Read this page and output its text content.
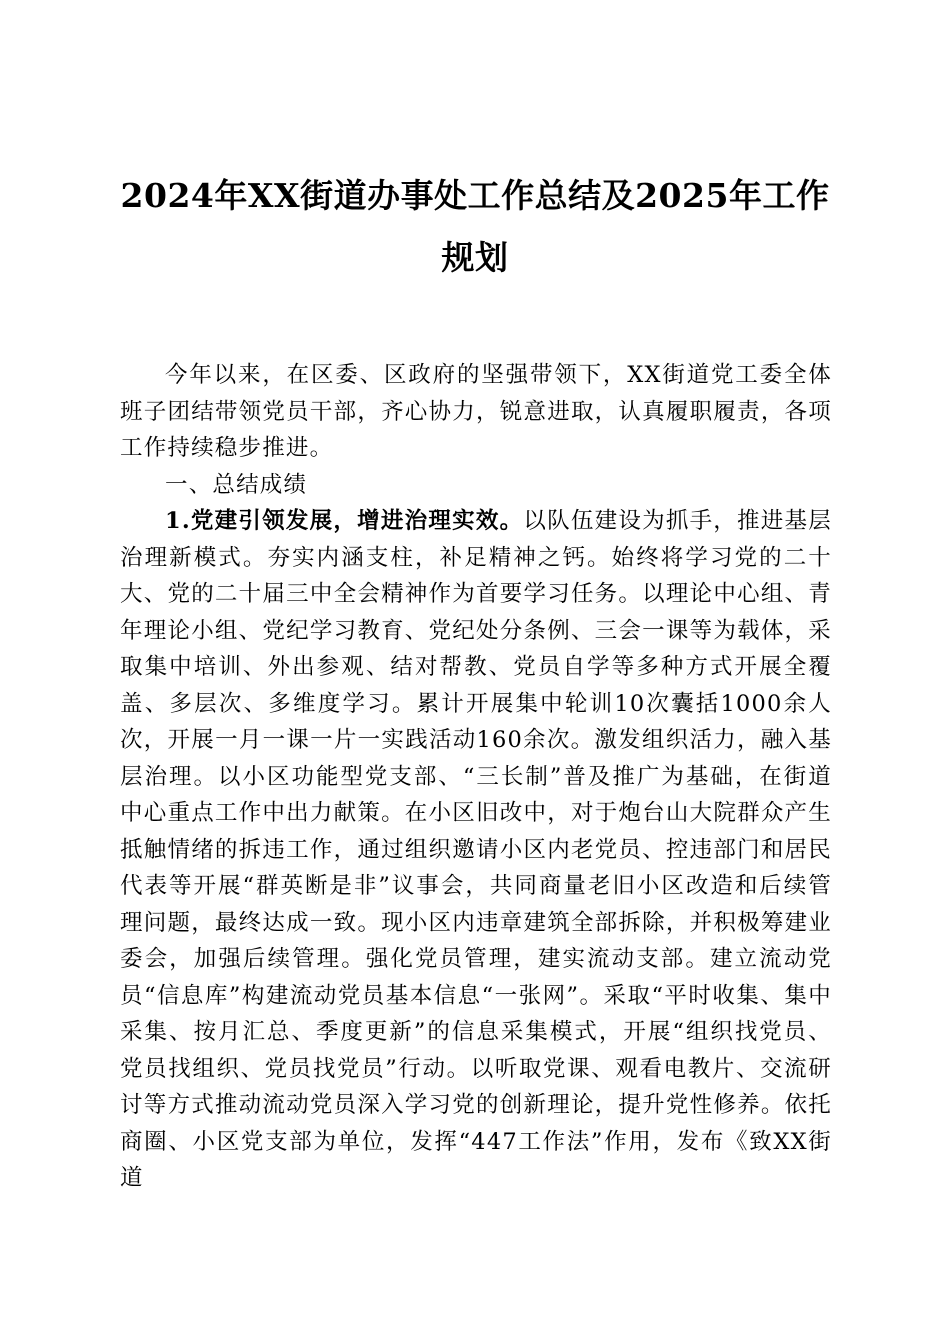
2024年XX街道办事处工作总结及2025年工作规划

今年以来，在区委、区政府的坚强带领下，XX街道党工委全体班子团结带领党员干部，齐心协力，锐意进取，认真履职履责，各项工作持续稳步推进。

一、总结成绩

1.党建引领发展，增进治理实效。以队伍建设为抓手，推进基层治理新模式。夯实内涵支柱，补足精神之钙。始终将学习党的二十大、党的二十届三中全会精神作为首要学习任务。以理论中心组、青年理论小组、党纪学习教育、党纪处分条例、三会一课等为载体，采取集中培训、外出参观、结对帮教、党员自学等多种方式开展全覆盖、多层次、多维度学习。累计开展集中轮训10次囊括1000余人次，开展一月一课一片一实践活动160余次。激发组织活力，融入基层治理。以小区功能型党支部、“三长制”普及推广为基础，在街道中心重点工作中出力献策。在小区旧改中，对于炮台山大院群众产生抵触情绪的拆违工作，通过组织邀请小区内老党员、控违部门和居民代表等开展“群英断是非”议事会，共同商量老旧小区改造和后续管理问题，最终达成一致。现小区内违章建筑全部拆除，并积极筹建业委会，加强后续管理。强化党员管理，建实流动支部。建立流动党员“信息库”构建流动党员基本信息“一张网”。采取“平时收集、集中采集、按月汇总、季度更新”的信息采集模式，开展“组织找党员、党员找组织、党员找党员”行动。以听取党课、观看电教片、交流研讨等方式推动流动党员深入学习党的创新理论，提升党性修养。依托商圈、小区党支部为单位，发挥“447工作法”作用，发布《致XX街道
